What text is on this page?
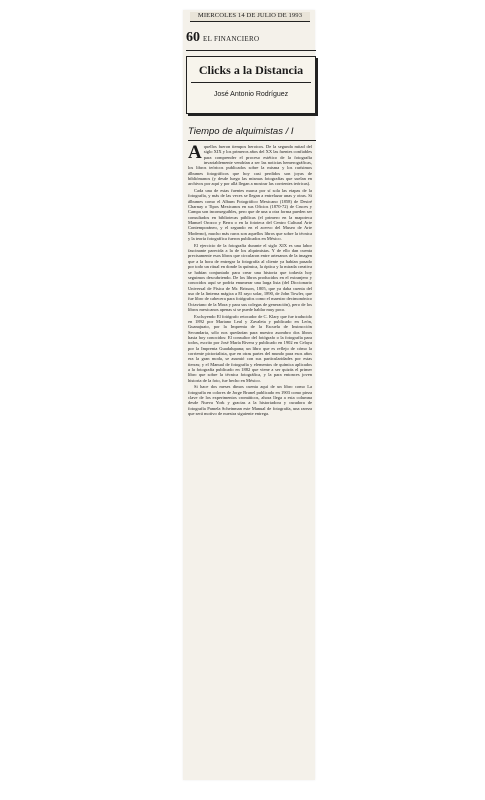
MIERCOLES 14 DE JULIO DE 1993
60 EL FINANCIERO
Clicks a la Distancia
José Antonio Rodríguez
Tiempo de alquimistas / I

Aquellos fueron tiempos heroicos. De la segunda mitad del siglo XIX y los primeros años del XX las fuentes confiables para comprender el proceso estético de la fotografía invariablemente vendrían a ser las noticias hemerográficas, los libros teóricos publicados sobre la misma y los rarísimos álbumes fotográficos que hoy casi perdidos son joyas de bibliómanos (y desde luego las mismas fotografías que suelan en archivos por aquí y por allá llegan a mostrar las corrientes teóricas).

Cada una de estas fuentes marca por sí sola las etapas de la fotografía, y más de las veces se llegan a entrelazar unas y otras. Si álbumes como el Album Fotográfico Mexicano (1858) de Desiré Charnay o Tipos Mexicanos en sus Oficios (1870-72) de Cruces y Campa son inconseguibles, pero que de una u otra forma pueden ser consultados en bibliotecas públicas (el primero en la mapoteca Manuel Orozco y Berra o en la fototeca del Centro Cultural Arte Contemporáneo, y el segundo en el acervo del Museo de Arte Moderno), mucho más raros son aquellos libros que sobre la técnica y la teoría fotográfica fueron publicados en México.

El ejercicio de la fotografía durante el siglo XIX es una labor fascinante parecida a la de los alquimistas. Y de ello dan cuenta precisamente esos libros que circularon entre artesanos de la imagen que a la hora de entregar la fotografía al cliente ya habían pasado por todo un ritual en donde la química, la óptica y la mirada creativa se habían conjuntado para crear una historia que todavía hoy seguimos descubriendo. De los libros producidos en el extranjero y conocidos aquí se podría enumerar una larga lista (del Diccionario Universal de Física de Mr. Brisson, 1805, que ya daba cuenta del uso de la linterna mágica a El rayo solar, 1890, de John Towler, que fue libro de cabecera para fotógrafos como el maestro decimonónico Octaviano de la Mora y para sus colegas de generación), pero de los libros mexicanos apenas si se puede hablar muy poco.

Excluyendo El fotógrafo retocador de C. Klary que fue traducido en 1892 por Mariano Leal y Zavaleta y publicado en León, Guanajuato, por la Imprenta de la Escuela de Instrucción Secundaria, sólo nos quedarían para nuestro asombro dos libros hasta hoy conocidos: El consultor del fotógrafo o la fotografía para todos, escrito por José María Rivera y publicado en 1902 en Celaya por la Imprenta Guadalupana; un libro que es reflejo de cómo la corriente pictorialista, que en otras partes del mundo para esos años era la gran moda, se asumió con sus particularidades por estas tierras; y el Manual de fotografía y elementos de química aplicados a la fotografía publicado en 1882 que viene a ser quizás el primer libro que sobre la técnica fotográfica, y la para entonces joven historia de la foto, fue hecho en México.

Si hace dos meses dimos cuenta aquí de un libro como La fotografía en colores de Jorge Brunel publicado en 1903 como pieza clave de los experimentos cromáticos, ahora llega a esta columna desde Nueva York y gracias a la historiadora y curadora de fotografía Pamela Scheinman este Manual de fotografía, una rareza que será motivo de nuestra siguiente entrega.
